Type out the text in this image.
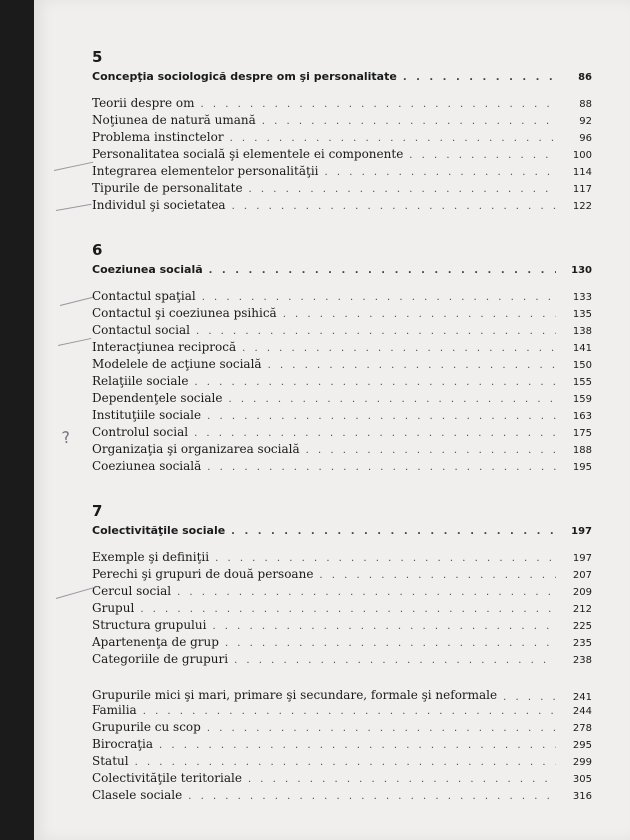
5
Concepţia sociologică despre om şi personalitate . . .	86
Teorii despre om . . .	88
Noţiunea de natură umană . . .	92
Problema instinctelor . . .	96
Personalitatea socială şi elementele ei componente . . .	100
Integrarea elementelor personalităţii . . .	114
Tipurile de personalitate . . .	117
Individul şi societatea . . .	122
6
Coeziunea socială . . .	130
Contactul spaţial . . .	133
Contactul şi coeziunea psihică . . .	135
Contactul social . . .	138
Interacţiunea reciprocă . . .	141
Modelele de acţiune socială . . .	150
Relaţiile sociale . . .	155
Dependenţele sociale . . .	159
Instituţiile sociale . . .	163
Controlul social . . .	175
Organizaţia şi organizarea socială . . .	188
Coeziunea socială . . .	195
7
Colectivităţile sociale . . .	197
Exemple şi definiţii . . .	197
Perechi şi grupuri de două persoane . . .	207
Cercul social . . .	209
Grupul . . .	212
Structura grupului . . .	225
Apartenenţa de grup . . .	235
Categoriile de grupuri . . .	238
Grupurile mici şi mari, primare şi secundare, formale şi neformale . . .	241
Familia . . .	244
Grupurile cu scop . . .	278
Birocraţia . . .	295
Statul . . .	299
Colectivităţile teritoriale . . .	305
Clasele sociale . . .	316
?
